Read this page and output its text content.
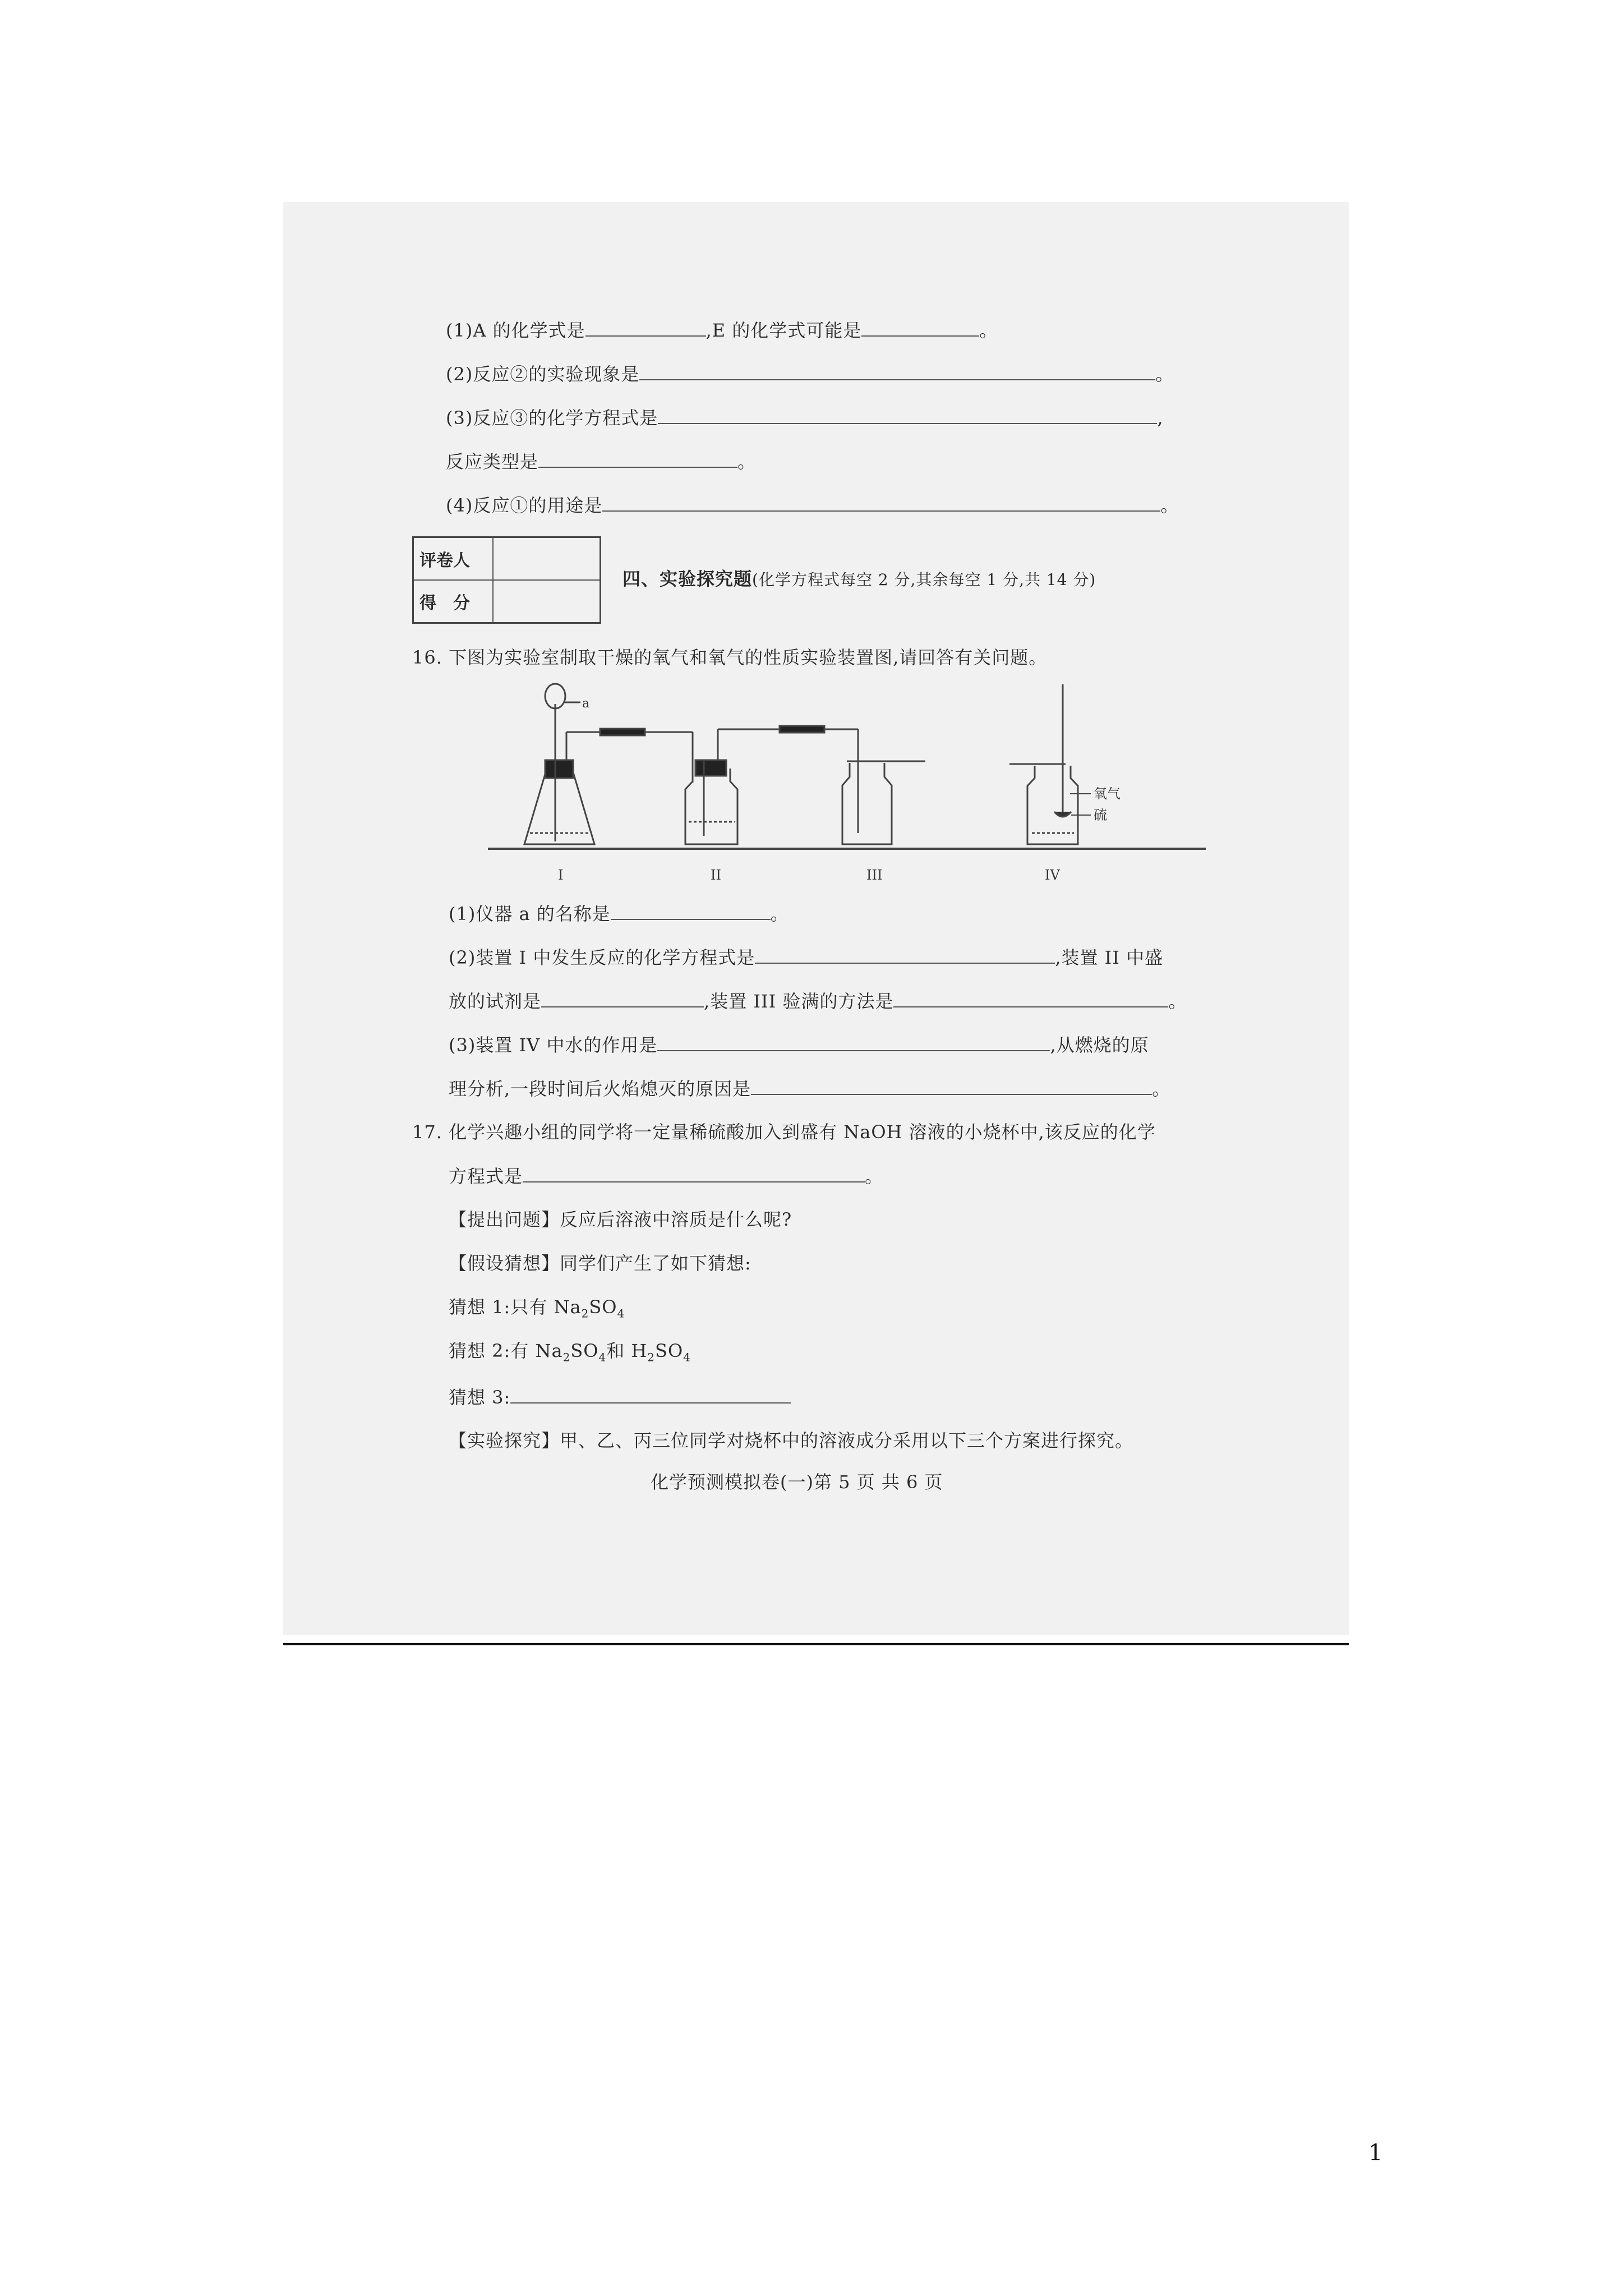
(1)A 的化学式是	,E 的化学式可能是	。
(2)反应②的实验现象是	。
(3)反应③的化学方程式是	,
反应类型是	。
(4)反应①的用途是	。
评卷人	
得　分	
四、实验探究题(化学方程式每空 2 分,其余每空 1 分,共 14 分)
16. 下图为实验室制取干燥的氧气和氧气的性质实验装置图,请回答有关问题。
a
氧气
硫
I	II	III	IV
(1)仪器 a 的名称是	。
(2)装置 I 中发生反应的化学方程式是	,装置 II 中盛
放的试剂是	,装置 III 验满的方法是	。
(3)装置 IV 中水的作用是	,从燃烧的原
理分析,一段时间后火焰熄灭的原因是	。
17. 化学兴趣小组的同学将一定量稀硫酸加入到盛有 NaOH 溶液的小烧杯中,该反应的化学
方程式是	。
【提出问题】反应后溶液中溶质是什么呢?
【假设猜想】同学们产生了如下猜想:
猜想 1:只有 $Na_2SO_4$
猜想 2:有 $Na_2SO_4$和 $H_2SO_4$
猜想 3:
【实验探究】甲、乙、丙三位同学对烧杯中的溶液成分采用以下三个方案进行探究。
化学预测模拟卷(一)第 5 页 共 6 页
1
